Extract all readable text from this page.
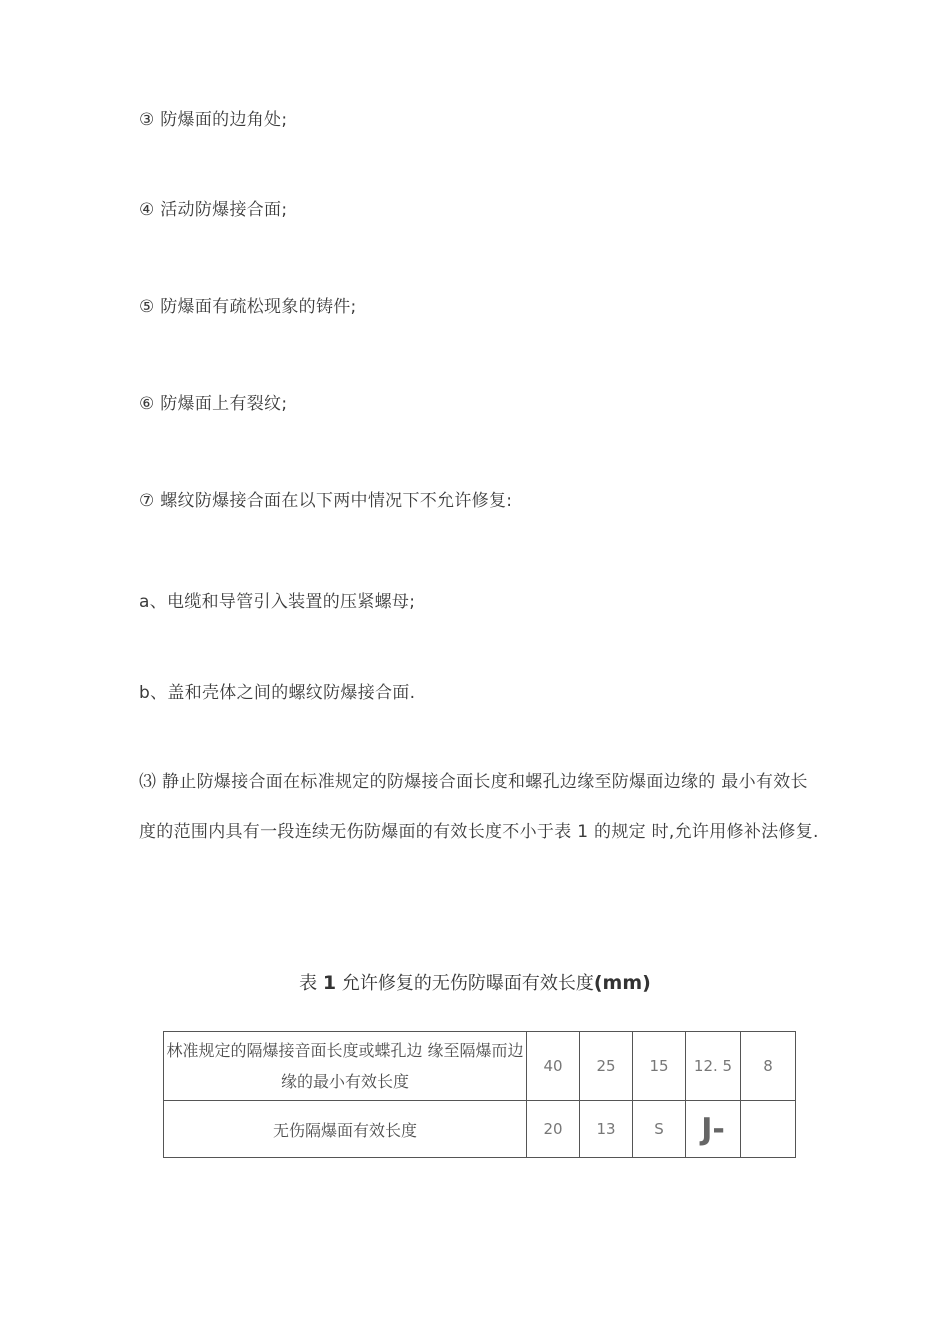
③ 防爆面的边角处;
④ 活动防爆接合面;
⑤ 防爆面有疏松现象的铸件;
⑥ 防爆面上有裂纹;
⑦ 螺纹防爆接合面在以下两中情况下不允许修复:
a、电缆和导管引入装置的压紧螺母;
b、盖和壳体之间的螺纹防爆接合面.
⑶ 静止防爆接合面在标准规定的防爆接合面长度和螺孔边缘至防爆面边缘的 最小有效长度的范围内具有一段连续无伤防爆面的有效长度不小于表 1 的规定 时,允许用修补法修复.
表 1 允许修复的无伤防曝面有效长度(mm)
林准规定的隔爆接音面长度或蝶孔边 缘至隔爆而边缘的最小有效长度	40	25	15	12. 5	8
无伤隔爆面有效长度	20	13	S	J-	
